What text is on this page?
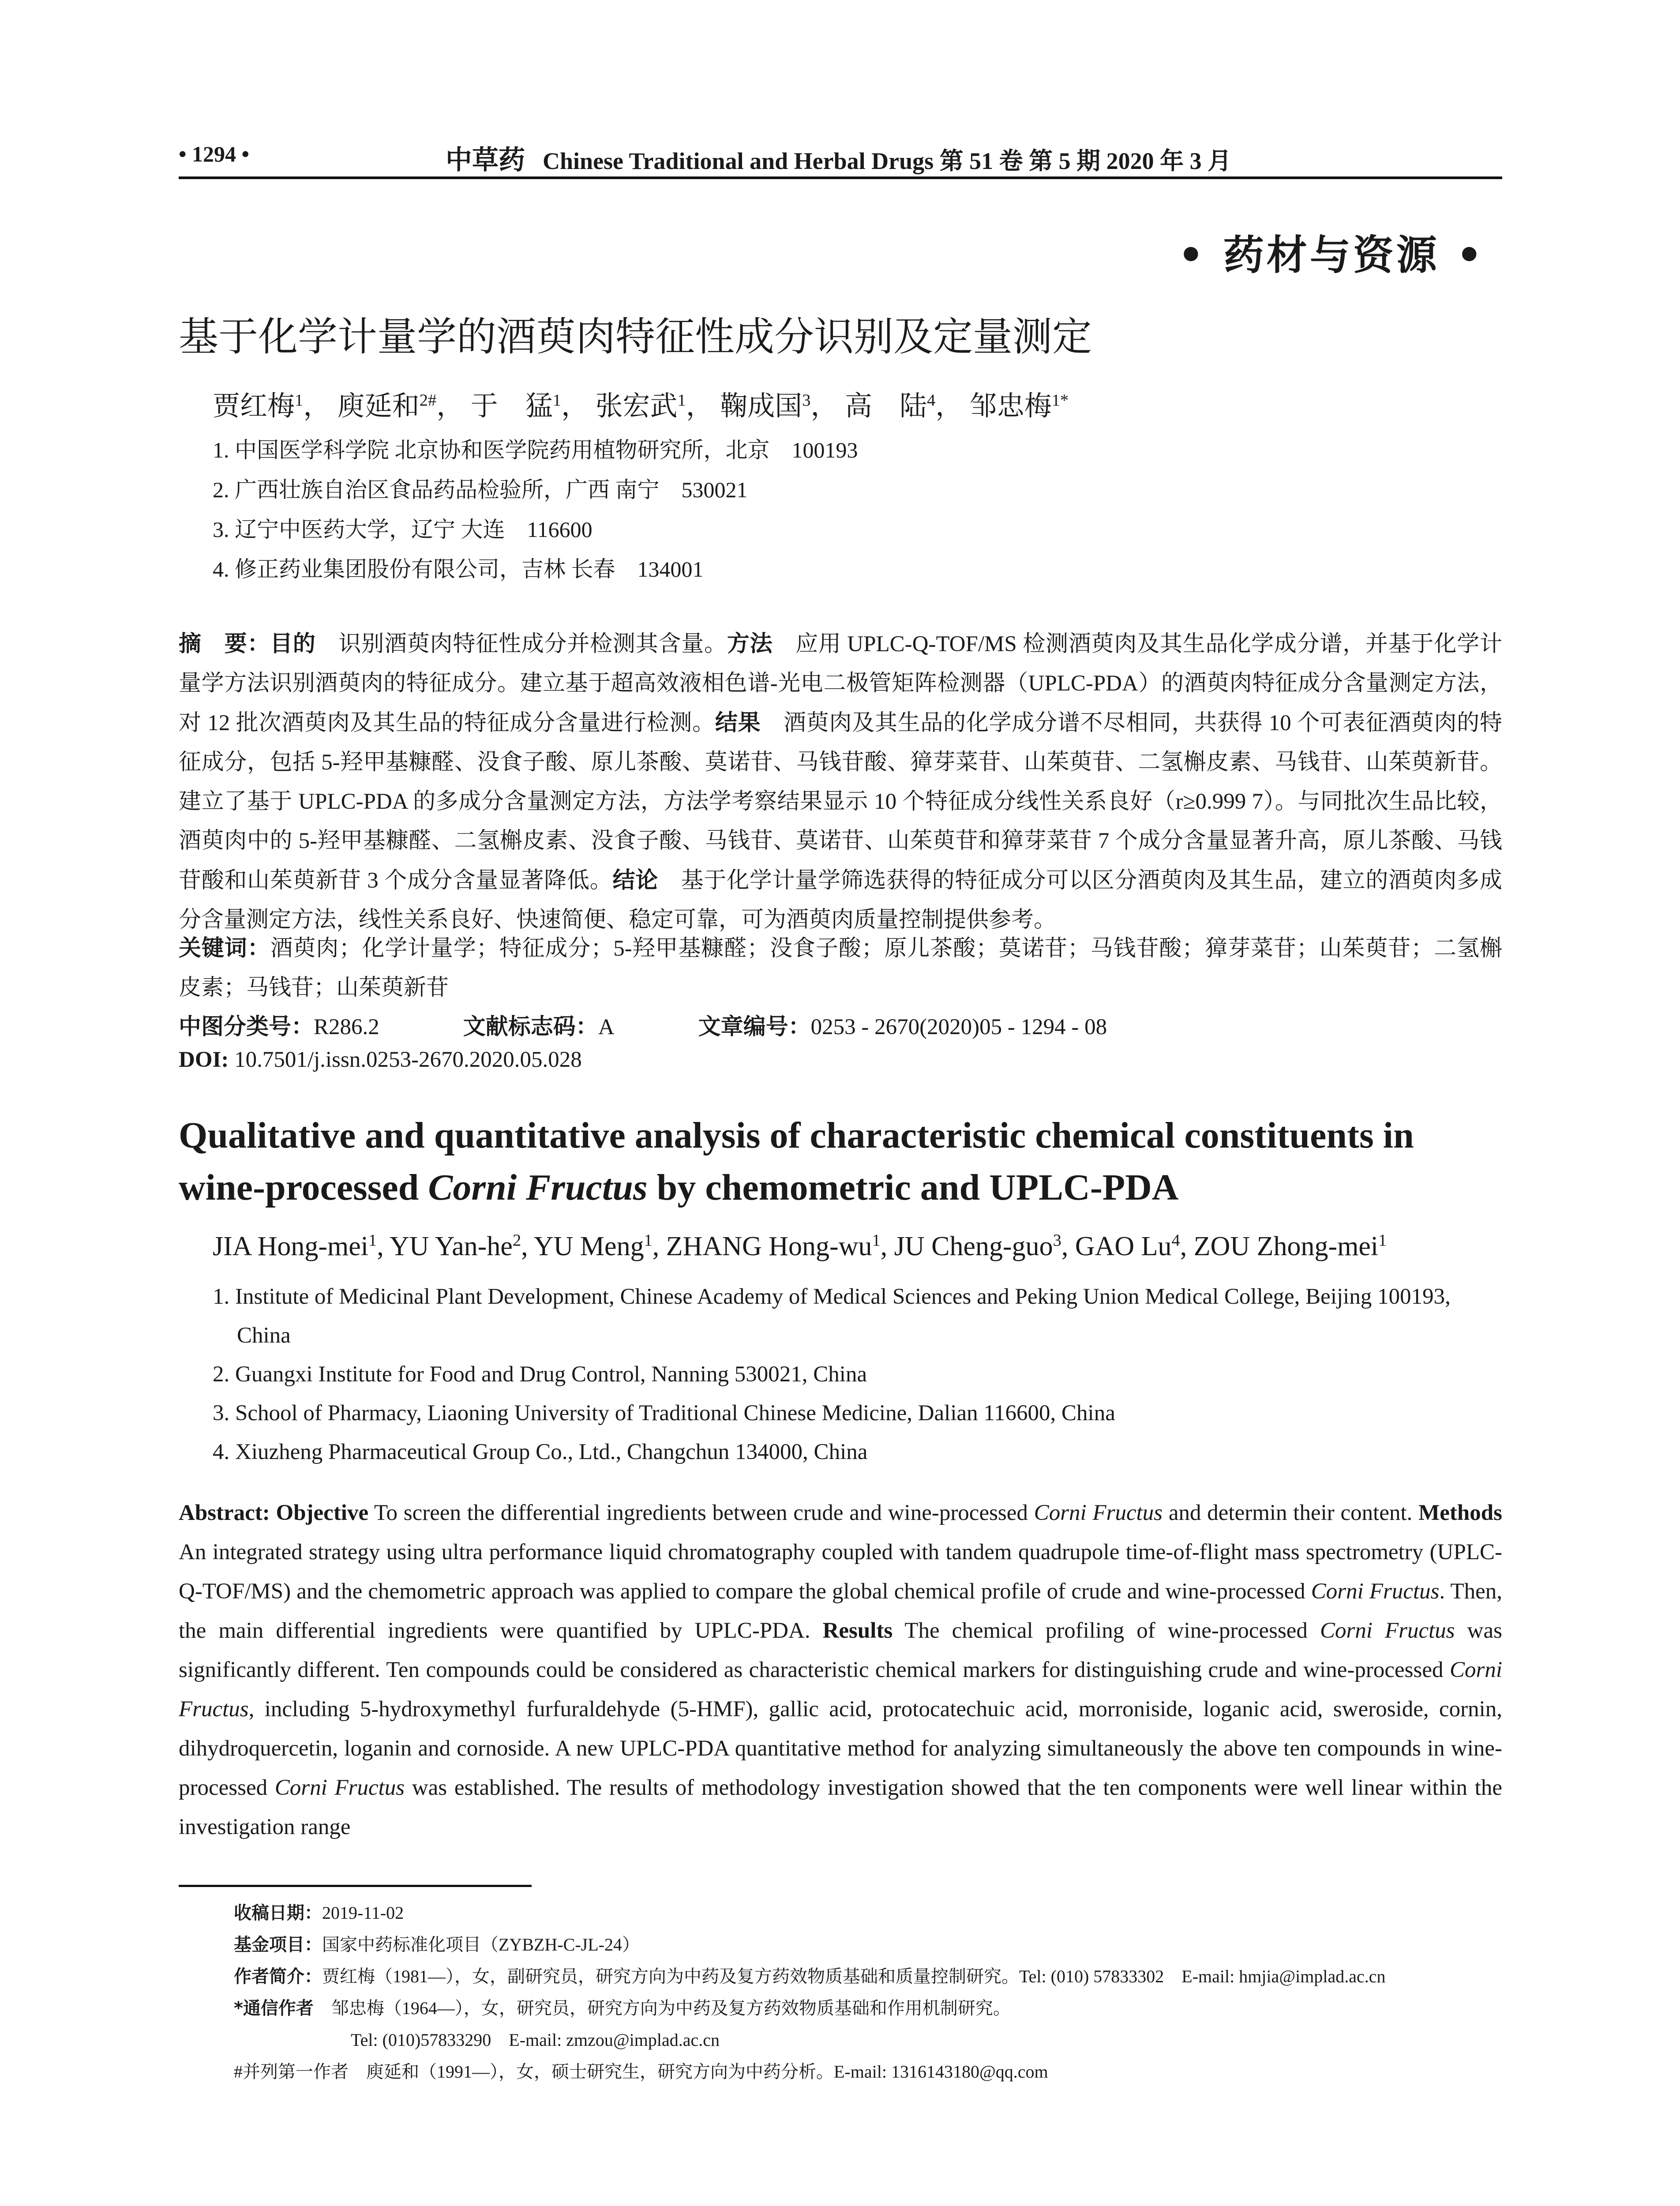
• 1294 •	中草药 Chinese Traditional and Herbal Drugs 第 51 卷 第 5 期 2020 年 3 月
• 药材与资源 •
基于化学计量学的酒萸肉特征性成分识别及定量测定
贾红梅$^1$， 庾延和$^{2\#}$， 于　猛$^1$， 张宏武$^1$， 鞠成国$^3$， 高　陆$^4$， 邹忠梅$^{1*}$
1. 中国医学科学院 北京协和医学院药用植物研究所，北京　100193
2. 广西壮族自治区食品药品检验所，广西 南宁　530021
3. 辽宁中医药大学，辽宁 大连　116600
4. 修正药业集团股份有限公司，吉林 长春　134001
摘　要：目的　识别酒萸肉特征性成分并检测其含量。方法　应用 UPLC-Q-TOF/MS 检测酒萸肉及其生品化学成分谱，并基于化学计量学方法识别酒萸肉的特征成分。建立基于超高效液相色谱-光电二极管矩阵检测器（UPLC-PDA）的酒萸肉特征成分含量测定方法，对 12 批次酒萸肉及其生品的特征成分含量进行检测。结果　酒萸肉及其生品的化学成分谱不尽相同，共获得 10 个可表征酒萸肉的特征成分，包括 5-羟甲基糠醛、没食子酸、原儿茶酸、莫诺苷、马钱苷酸、獐芽菜苷、山茱萸苷、二氢槲皮素、马钱苷、山茱萸新苷。建立了基于 UPLC-PDA 的多成分含量测定方法，方法学考察结果显示 10 个特征成分线性关系良好（r≥0.999 7）。与同批次生品比较，酒萸肉中的 5-羟甲基糠醛、二氢槲皮素、没食子酸、马钱苷、莫诺苷、山茱萸苷和獐芽菜苷 7 个成分含量显著升高，原儿茶酸、马钱苷酸和山茱萸新苷 3 个成分含量显著降低。结论　基于化学计量学筛选获得的特征成分可以区分酒萸肉及其生品，建立的酒萸肉多成分含量测定方法，线性关系良好、快速简便、稳定可靠，可为酒萸肉质量控制提供参考。
关键词：酒萸肉；化学计量学；特征成分；5-羟甲基糠醛；没食子酸；原儿茶酸；莫诺苷；马钱苷酸；獐芽菜苷；山茱萸苷；二氢槲皮素；马钱苷；山茱萸新苷
中图分类号：R286.2	文献标志码：A	文章编号：0253 - 2670(2020)05 - 1294 - 08
DOI: 10.7501/j.issn.0253-2670.2020.05.028
Qualitative and quantitative analysis of characteristic chemical constituents in wine-processed Corni Fructus by chemometric and UPLC-PDA
JIA Hong-mei$^1$, YU Yan-$he^2$, YU Meng$^1$, ZHANG Hong-$wu^1$, JU Cheng-guo$^3$, GAO Lu$^4$, ZOU Zhong-mei$^1$
1. Institute of Medicinal Plant Development, Chinese Academy of Medical Sciences and Peking Union Medical College, Beijing 100193, China
2. Guangxi Institute for Food and Drug Control, Nanning 530021, China
3. School of Pharmacy, Liaoning University of Traditional Chinese Medicine, Dalian 116600, China
4. Xiuzheng Pharmaceutical Group Co., Ltd., Changchun 134000, China
Abstract: Objective To screen the differential ingredients between crude and wine-processed Corni Fructus and determin their content. Methods An integrated strategy using ultra performance liquid chromatography coupled with tandem quadrupole time-of-flight mass spectrometry (UPLC-Q-TOF/MS) and the chemometric approach was applied to compare the global chemical profile of crude and wine-processed Corni Fructus. Then, the main differential ingredients were quantified by UPLC-PDA. Results The chemical profiling of wine-processed Corni Fructus was significantly different. Ten compounds could be considered as characteristic chemical markers for distinguishing crude and wine-processed Corni Fructus, including 5-hydroxymethyl furfuraldehyde (5-HMF), gallic acid, protocatechuic acid, morroniside, loganic acid, sweroside, cornin, dihydroquercetin, loganin and cornoside. A new UPLC-PDA quantitative method for analyzing simultaneously the above ten compounds in wine-processed Corni Fructus was established. The results of methodology investigation showed that the ten components were well linear within the investigation range
收稿日期：2019-11-02
基金项目：国家中药标准化项目（ZYBZH-C-JL-24）
作者简介：贾红梅（1981—），女，副研究员，研究方向为中药及复方药效物质基础和质量控制研究。Tel: (010) 57833302　E-mail: hmjia@implad.ac.cn
*通信作者　邹忠梅（1964—），女，研究员，研究方向为中药及复方药效物质基础和作用机制研究。
Tel: (010)57833290　E-mail: zmzou@implad.ac.cn
#并列第一作者　庾延和（1991—），女，硕士研究生，研究方向为中药分析。E-mail: 1316143180@qq.com
